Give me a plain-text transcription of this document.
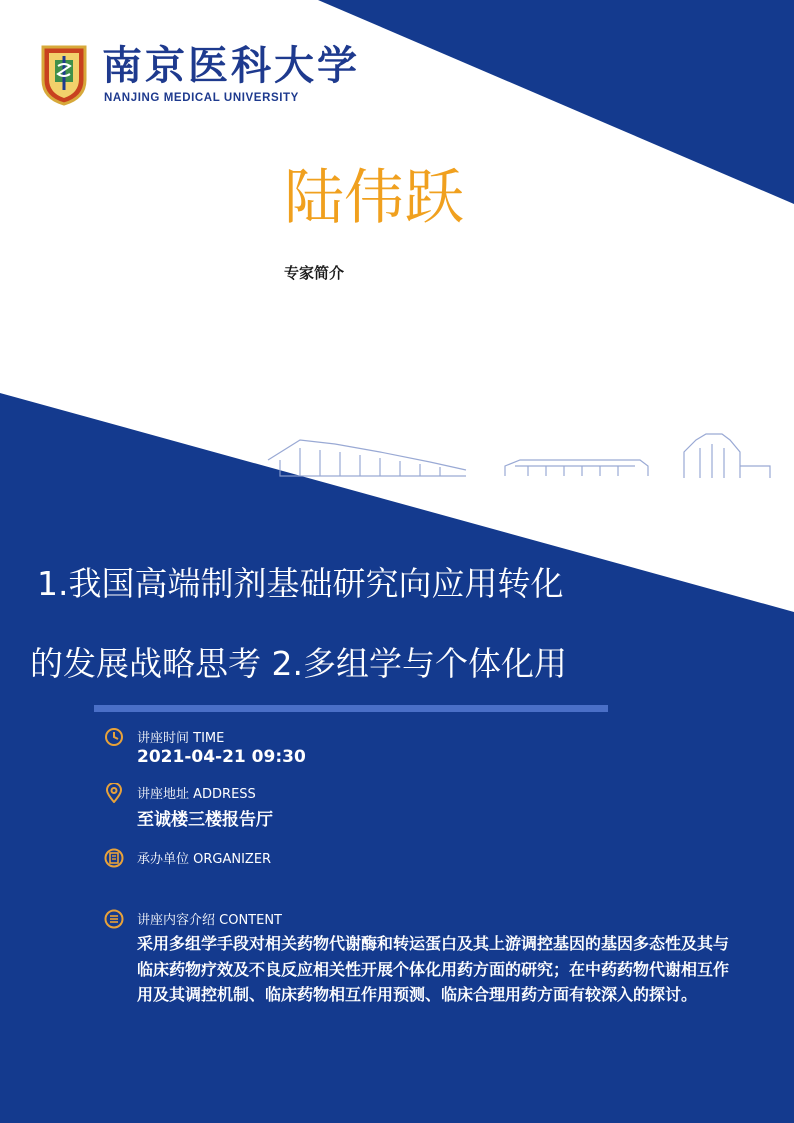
南京医科大学
NANJING MEDICAL UNIVERSITY
陆伟跃
专家简介
1.我国高端制剂基础研究向应用转化
的发展战略思考 2.多组学与个体化用
讲座时间 TIME
2021-04-21 09:30
讲座地址 ADDRESS
至诚楼三楼报告厅
承办单位 ORGANIZER
讲座内容介绍 CONTENT
采用多组学手段对相关药物代谢酶和转运蛋白及其上游调控基因的基因多态性及其与临床药物疗效及不良反应相关性开展个体化用药方面的研究；在中药药物代谢相互作用及其调控机制、临床药物相互作用预测、临床合理用药方面有较深入的探讨。
